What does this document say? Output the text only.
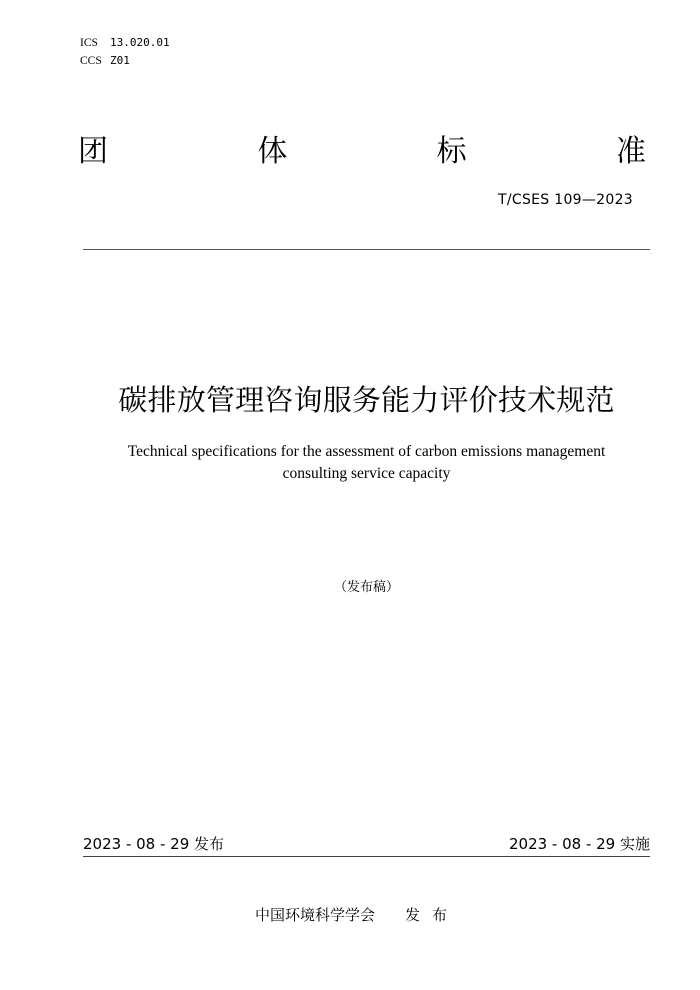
ICS 13.020.01
CCS Z01
团	体	标	准
T/CSES 109—2023
碳排放管理咨询服务能力评价技术规范
Technical specifications for the assessment of carbon emissions management
consulting service capacity
（发布稿）
2023 - 08 - 29 发布	2023 - 08 - 29 实施
中国环境科学学会 发布
